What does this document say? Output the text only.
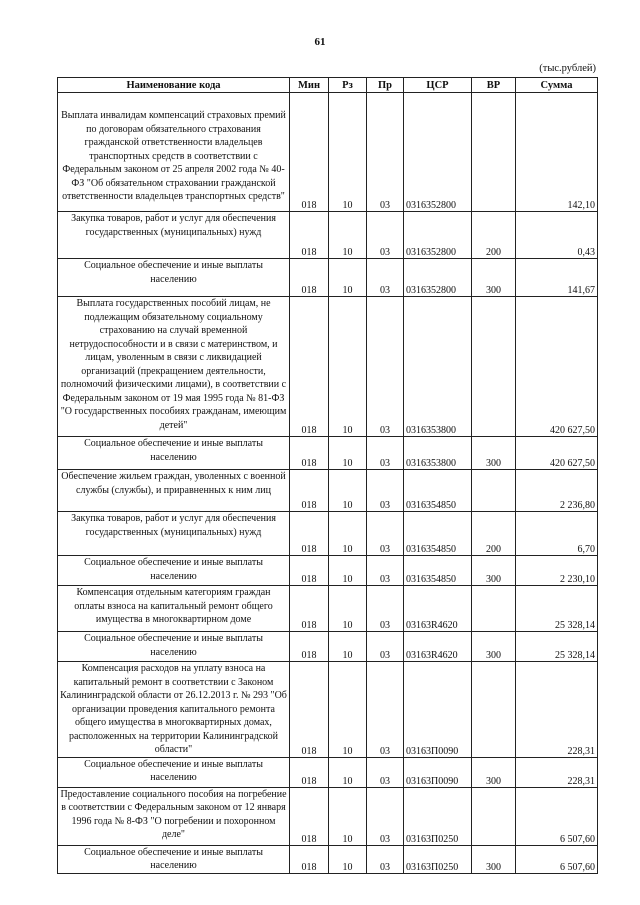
61
(тыс.рублей)
Наименование кода	Мин	Рз	Пр	ЦСР	ВР	Сумма
Выплата инвалидам компенсаций страховых премий по договорам обязательного страхования гражданской ответственности владельцев транспортных средств в соответствии с Федеральным законом от 25 апреля 2002 года № 40-ФЗ "Об обязательном страховании гражданской ответственности владельцев транспортных средств"	018	10	03	0316352800		142,10
Закупка товаров, работ и услуг для обеспечения государственных (муниципальных) нужд	018	10	03	0316352800	200	0,43
Социальное обеспечение и иные выплаты населению	018	10	03	0316352800	300	141,67
Выплата государственных пособий лицам, не подлежащим обязательному социальному страхованию на случай временной нетрудоспособности и в связи с материнством, и лицам, уволенным в связи с ликвидацией организаций (прекращением деятельности, полномочий физическими лицами), в соответствии с Федеральным законом от 19 мая 1995 года № 81-ФЗ "О государственных пособиях гражданам, имеющим детей"	018	10	03	0316353800		420 627,50
Социальное обеспечение и иные выплаты населению	018	10	03	0316353800	300	420 627,50
Обеспечение жильем граждан, уволенных с военной службы (службы), и приравненных к ним лиц	018	10	03	0316354850		2 236,80
Закупка товаров, работ и услуг для обеспечения государственных (муниципальных) нужд	018	10	03	0316354850	200	6,70
Социальное обеспечение и иные выплаты населению	018	10	03	0316354850	300	2 230,10
Компенсация отдельным категориям граждан оплаты взноса на капитальный ремонт общего имущества в многоквартирном доме	018	10	03	03163R4620		25 328,14
Социальное обеспечение и иные выплаты населению	018	10	03	03163R4620	300	25 328,14
Компенсация расходов на уплату взноса на капитальный ремонт в соответствии с Законом Калининградской области от 26.12.2013 г. № 293 "Об организации проведения капитального ремонта общего имущества в многоквартирных домах, расположенных на территории Калининградской области"	018	10	03	03163П0090		228,31
Социальное обеспечение и иные выплаты населению	018	10	03	03163П0090	300	228,31
Предоставление социального пособия на погребение в соответствии с Федеральным законом от 12 января 1996 года № 8-ФЗ "О погребении и похоронном деле"	018	10	03	03163П0250		6 507,60
Социальное обеспечение и иные выплаты населению	018	10	03	03163П0250	300	6 507,60
